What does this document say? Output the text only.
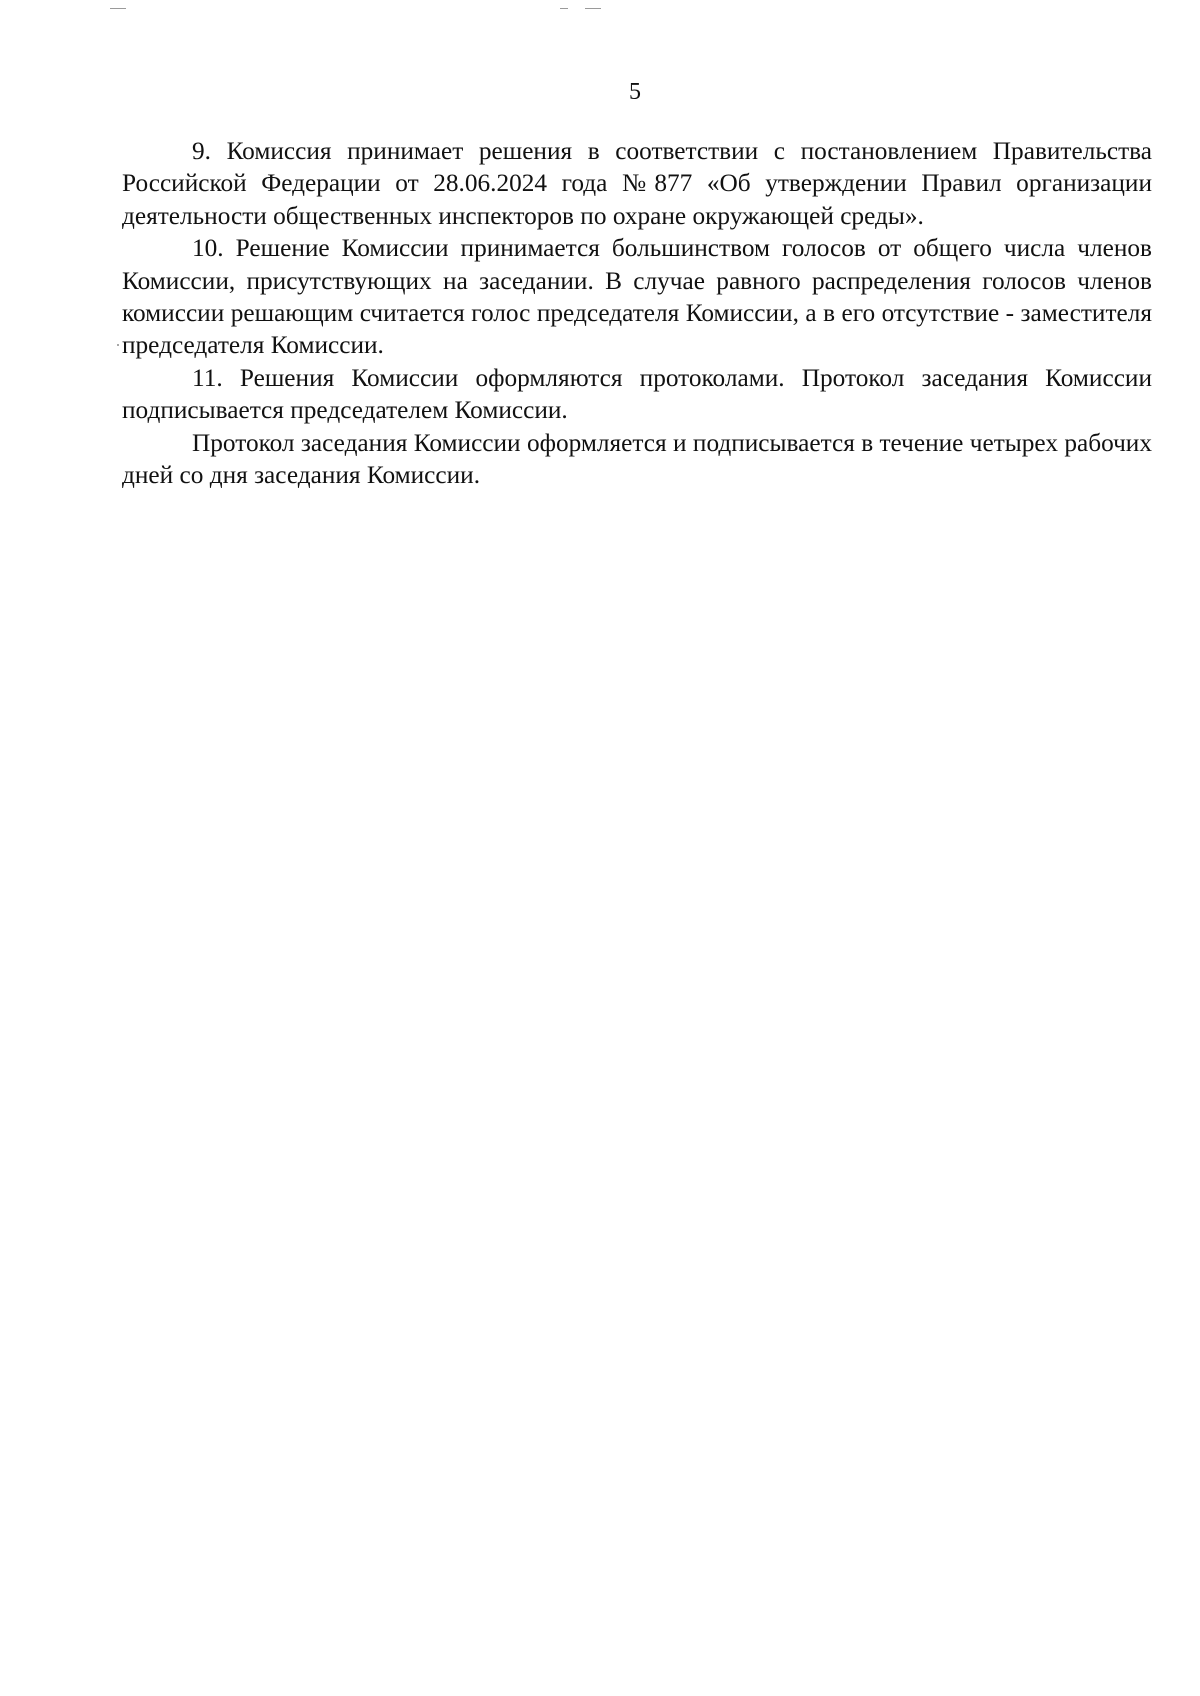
5

9. Комиссия принимает решения в соответствии с постановлением Правительства Российской Федерации от 28.06.2024 года №877 «Об утверждении Правил организации деятельности общественных инспекторов по охране окружающей среды».

10. Решение Комиссии принимается большинством голосов от общего числа членов Комиссии, присутствующих на заседании. В случае равного распределения голосов членов комиссии решающим считается голос председателя Комиссии, а в его отсутствие - заместителя председателя Комиссии.

11. Решения Комиссии оформляются протоколами. Протокол заседания Комиссии подписывается председателем Комиссии.

Протокол заседания Комиссии оформляется и подписывается в течение четырех рабочих дней со дня заседания Комиссии.
